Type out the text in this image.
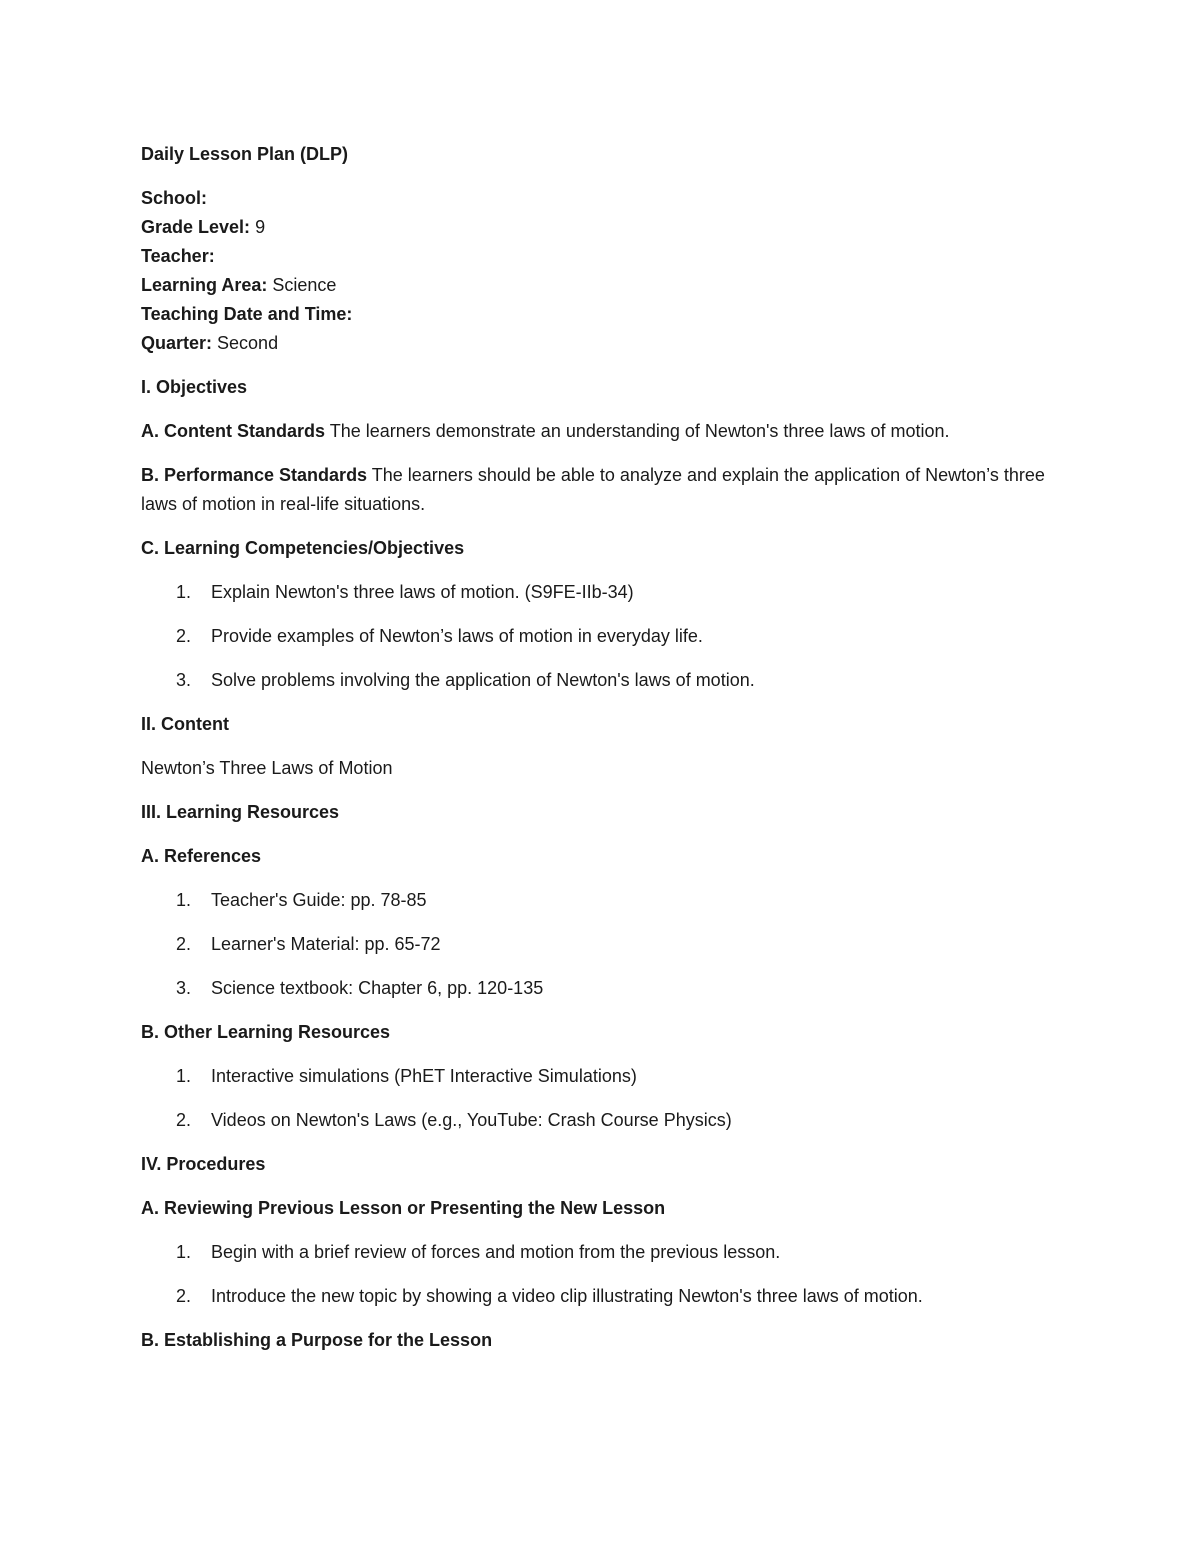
Daily Lesson Plan (DLP)

School:

Grade Level: 9

Teacher:

Learning Area: Science

Teaching Date and Time:

Quarter: Second

I. Objectives

A. Content Standards The learners demonstrate an understanding of Newton's three laws of motion.

B. Performance Standards The learners should be able to analyze and explain the application of Newton’s three laws of motion in real-life situations.

C. Learning Competencies/Objectives

1. Explain Newton's three laws of motion. (S9FE-IIb-34)
2. Provide examples of Newton’s laws of motion in everyday life.
3. Solve problems involving the application of Newton's laws of motion.

II. Content

Newton’s Three Laws of Motion

III. Learning Resources

A. References

1. Teacher's Guide: pp. 78-85
2. Learner's Material: pp. 65-72
3. Science textbook: Chapter 6, pp. 120-135

B. Other Learning Resources

1. Interactive simulations (PhET Interactive Simulations)
2. Videos on Newton's Laws (e.g., YouTube: Crash Course Physics)

IV. Procedures

A. Reviewing Previous Lesson or Presenting the New Lesson

1. Begin with a brief review of forces and motion from the previous lesson.
2. Introduce the new topic by showing a video clip illustrating Newton's three laws of motion.

B. Establishing a Purpose for the Lesson
